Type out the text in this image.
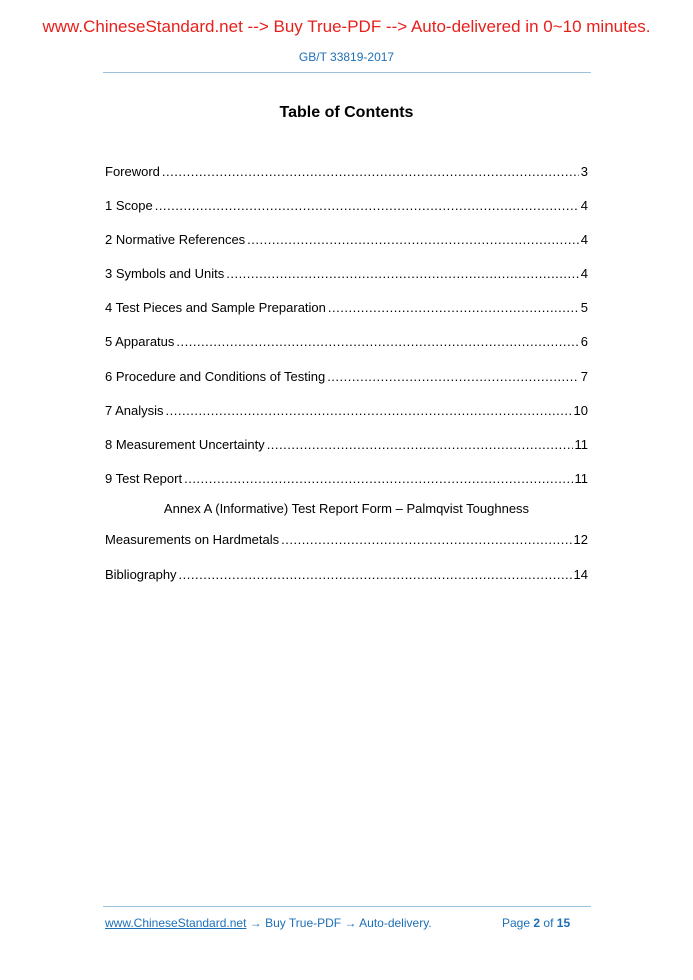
www.ChineseStandard.net --> Buy True-PDF --> Auto-delivered in 0~10 minutes.
GB/T 33819-2017
Table of Contents
Foreword .....	3
1 Scope .....	4
2 Normative References .....	4
3 Symbols and Units .....	4
4 Test Pieces and Sample Preparation .....	5
5 Apparatus .....	6
6 Procedure and Conditions of Testing .....	7
7 Analysis .....	10
8 Measurement Uncertainty .....	11
9 Test Report .....	11
Annex A (Informative) Test Report Form – Palmqvist Toughness
Measurements on Hardmetals .....	12
Bibliography .....	14
www.ChineseStandard.net → Buy True-PDF → Auto-delivery.	Page 2 of 15
